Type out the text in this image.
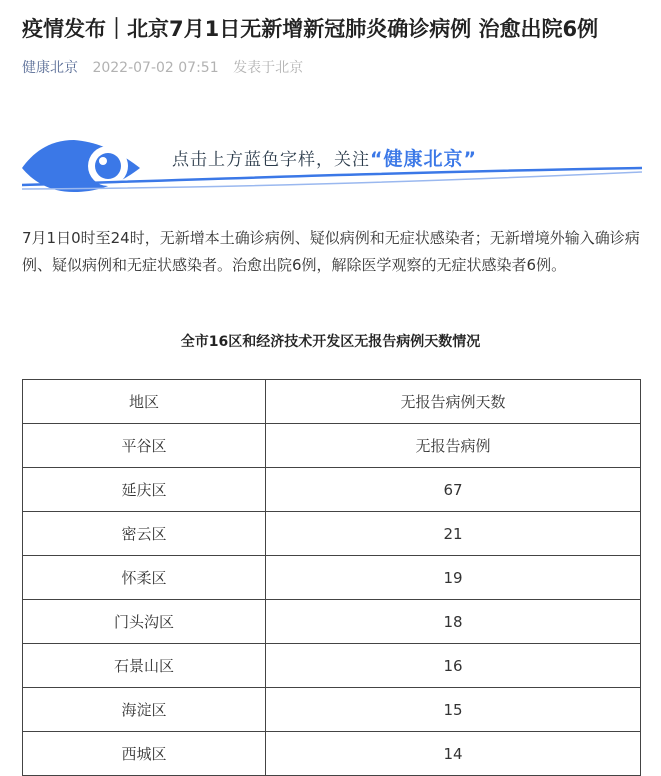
疫情发布｜北京7月1日无新增新冠肺炎确诊病例 治愈出院6例
健康北京 2022-07-02 07:51 发表于北京
点击上方蓝色字样，关注“健康北京”

7月1日0时至24时，无新增本土确诊病例、疑似病例和无症状感染者；无新增境外输入确诊病例、疑似病例和无症状感染者。治愈出院6例，解除医学观察的无症状感染者6例。

全市16区和经济技术开发区无报告病例天数情况
地区	无报告病例天数
平谷区	无报告病例
延庆区	67
密云区	21
怀柔区	19
门头沟区	18
石景山区	16
海淀区	15
西城区	14
